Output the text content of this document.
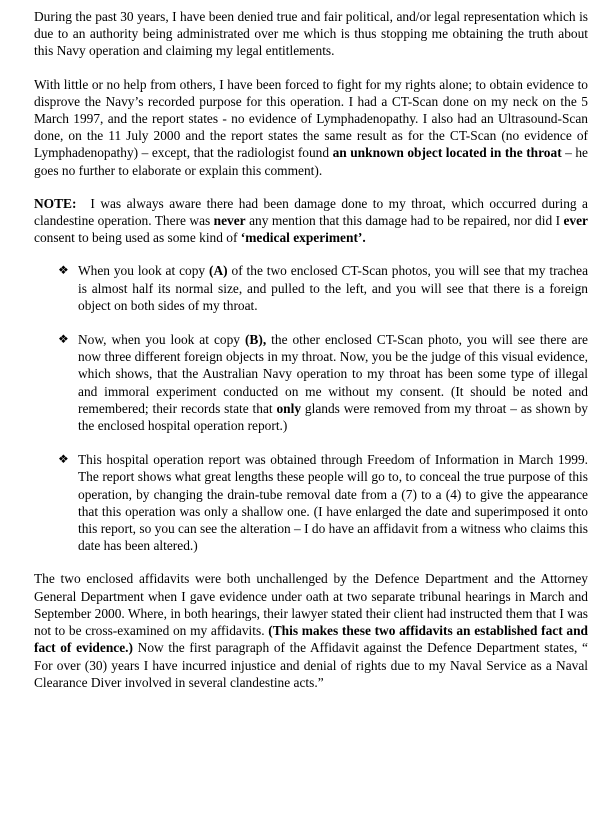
During the past 30 years, I have been denied true and fair political, and/or legal representation which is due to an authority being administrated over me which is thus stopping me obtaining the truth about this Navy operation and claiming my legal entitlements.

With little or no help from others, I have been forced to fight for my rights alone; to obtain evidence to disprove the Navy’s recorded purpose for this operation. I had a CT-Scan done on my neck on the 5 March 1997, and the report states - no evidence of Lymphadenopathy. I also had an Ultrasound-Scan done, on the 11 July 2000 and the report states the same result as for the CT-Scan (no evidence of Lymphadenopathy) – except, that the radiologist found an unknown object located in the throat – he goes no further to elaborate or explain this comment).

NOTE: I was always aware there had been damage done to my throat, which occurred during a clandestine operation. There was never any mention that this damage had to be repaired, nor did I ever consent to being used as some kind of ‘medical experiment’.

❖ When you look at copy (A) of the two enclosed CT-Scan photos, you will see that my trachea is almost half its normal size, and pulled to the left, and you will see that there is a foreign object on both sides of my throat.
❖ Now, when you look at copy (B), the other enclosed CT-Scan photo, you will see there are now three different foreign objects in my throat. Now, you be the judge of this visual evidence, which shows, that the Australian Navy operation to my throat has been some type of illegal and immoral experiment conducted on me without my consent. (It should be noted and remembered; their records state that only glands were removed from my throat – as shown by the enclosed hospital operation report.)
❖ This hospital operation report was obtained through Freedom of Information in March 1999. The report shows what great lengths these people will go to, to conceal the true purpose of this operation, by changing the drain-tube removal date from a (7) to a (4) to give the appearance that this operation was only a shallow one. (I have enlarged the date and superimposed it onto this report, so you can see the alteration – I do have an affidavit from a witness who claims this date has been altered.)

The two enclosed affidavits were both unchallenged by the Defence Department and the Attorney General Department when I gave evidence under oath at two separate tribunal hearings in March and September 2000. Where, in both hearings, their lawyer stated their client had instructed them that I was not to be cross-examined on my affidavits. (This makes these two affidavits an established fact and fact of evidence.) Now the first paragraph of the Affidavit against the Defence Department states, “ For over (30) years I have incurred injustice and denial of rights due to my Naval Service as a Naval Clearance Diver involved in several clandestine acts.”
